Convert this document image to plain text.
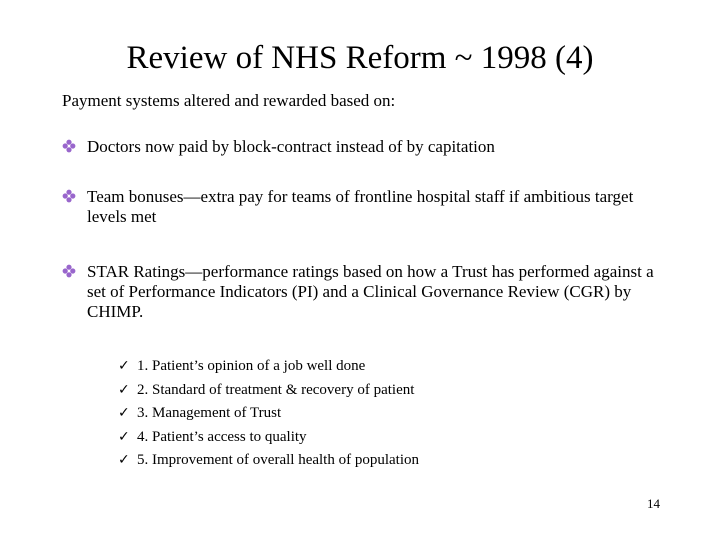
Review of NHS Reform ~ 1998 (4)
Payment systems altered and rewarded based on:
Doctors now paid by block-contract instead of by capitation
Team bonuses—extra pay for teams of frontline hospital staff if ambitious target levels met
STAR Ratings—performance ratings based on how a Trust has performed against a set of Performance Indicators (PI) and a Clinical Governance Review (CGR) by CHIMP.
✓ 1. Patient’s opinion of a job well done
✓ 2. Standard of treatment & recovery of patient
✓ 3. Management of Trust
✓ 4. Patient’s access to quality
✓ 5. Improvement of overall health of population
14
